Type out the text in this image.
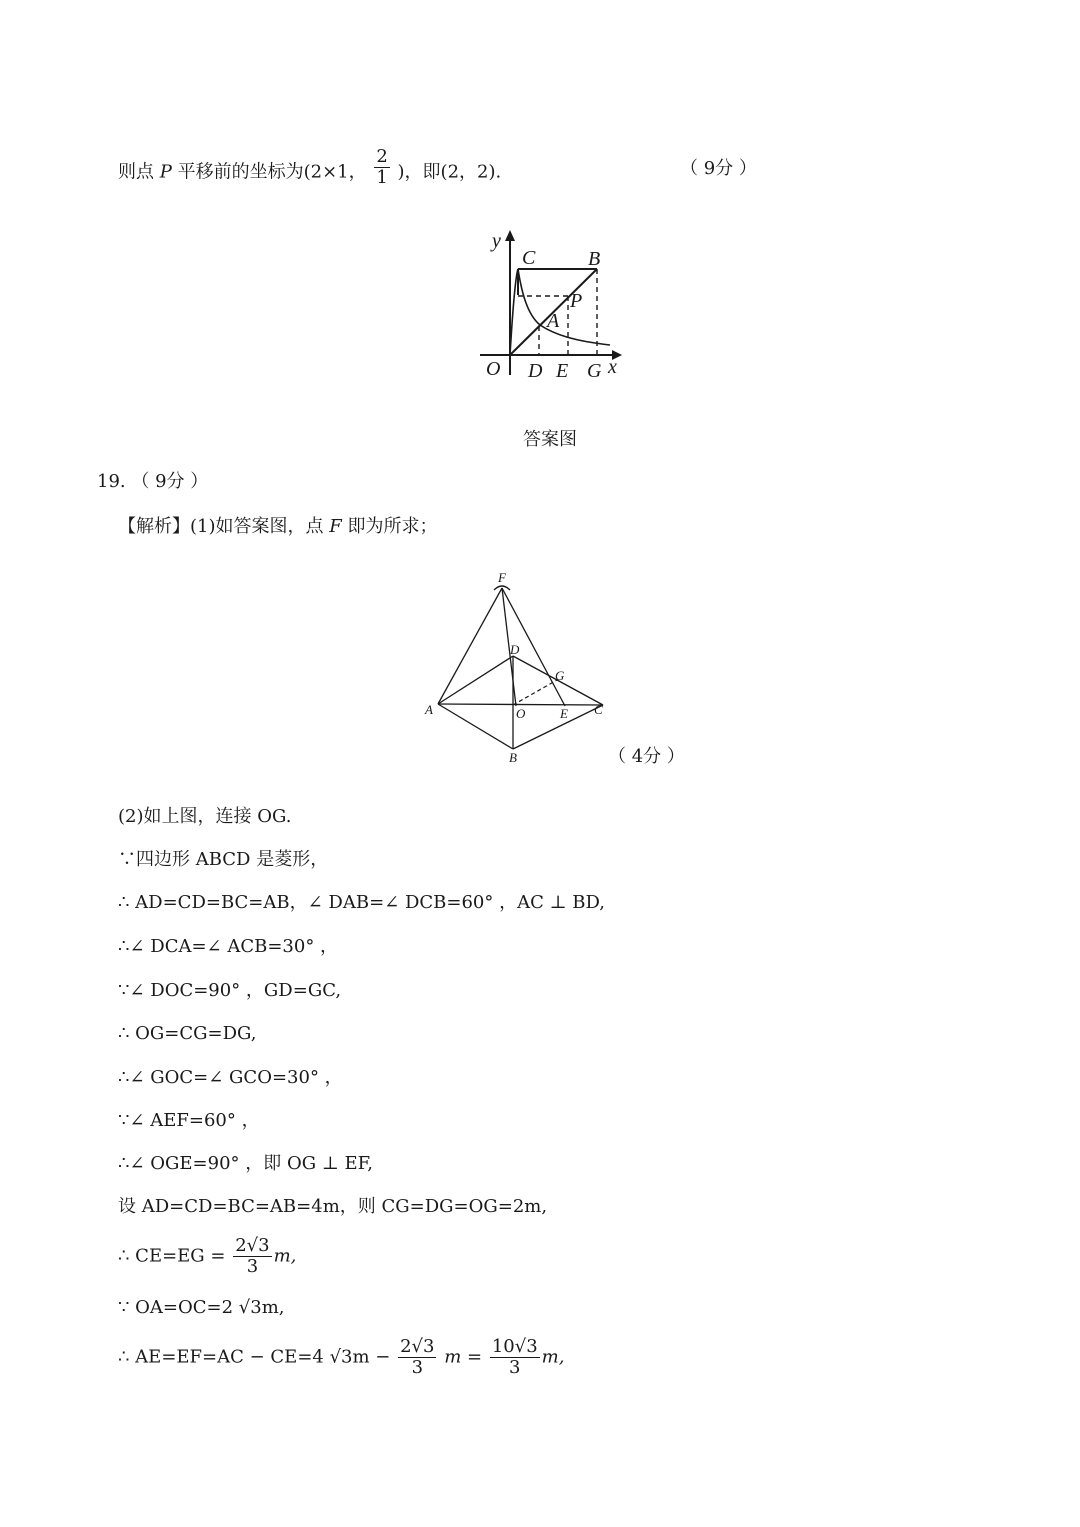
则点 P 平移前的坐标为(2×1， $\frac{2}{1}$ )，即(2，2).	（ 9分 ）
y
C	B
P
A
O D E G x
答案图
19. （ 9分 ）
【解析】(1)如答案图，点 F 即为所求；
F
D
G
A	O	E C
B	（ 4分 ）
(2)如上图，连接 OG.
∵四边形 ABCD 是菱形，
∴ AD=CD=BC=AB，∠ DAB=∠ DCB=60° ，AC ⊥ BD,
∴∠ DCA=∠ ACB=30° ，
∵∠ DOC=90° ，GD=GC,
∴ OG=CG=DG,
∴∠ GOC=∠ GCO=30° ，
∵∠ AEF=60° ，
∴∠ OGE=90° ，即 OG ⊥ EF,
设 AD=CD=BC=AB=4m，则 CG=DG=OG=2m,
∴ $CE=EG = \frac{2√3}{3} m$,
∵ OA=OC=2 √3m,
∴ AE=EF=AC − CE=4 $√3m - \frac{2√3}{3}$ $m = \frac{10√3}{3} m$,
